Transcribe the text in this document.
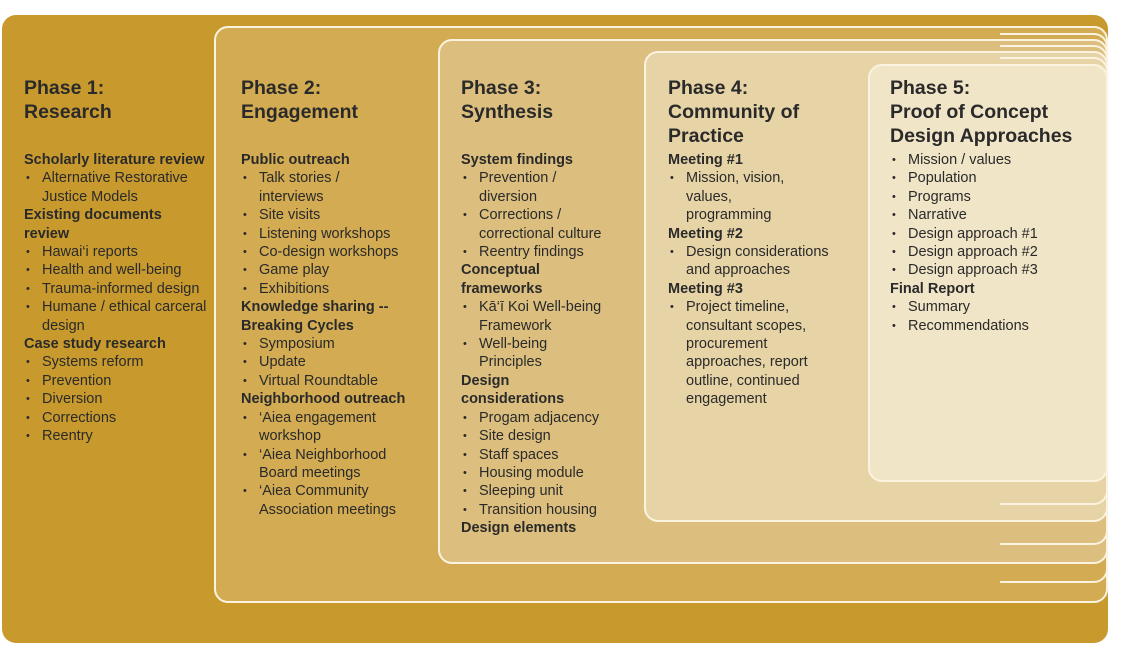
Phase 1:
Research
Scholarly literature review
• Alternative Restorative Justice Models
Existing documents review
• Hawai‘i reports
• Health and well-being
• Trauma-informed design
• Humane / ethical carceral design
Case study research
• Systems reform
• Prevention
• Diversion
• Corrections
• Reentry
Phase 2:
Engagement
Public outreach
• Talk stories / interviews
• Site visits
• Listening workshops
• Co-design workshops
• Game play
• Exhibitions
Knowledge sharing --Breaking Cycles
• Symposium
• Update
• Virtual Roundtable
Neighborhood outreach
• ‘Aiea engagement workshop
• ‘Aiea Neighborhood Board meetings
• ‘Aiea Community Association meetings
Phase 3:
Synthesis
System findings
• Prevention / diversion
• Corrections / correctional culture
• Reentry findings
Conceptual frameworks
• Kā‘ī Koi Well-being Framework
• Well-being Principles
Design considerations
• Progam adjacency
• Site design
• Staff spaces
• Housing module
• Sleeping unit
• Transition housing
Design elements
Phase 4:
Community of Practice
Meeting #1
• Mission, vision, values, programming
Meeting #2
• Design considerations and approaches
Meeting #3
• Project timeline, consultant scopes, procurement approaches, report outline, continued engagement
Phase 5:
Proof of Concept Design Approaches
• Mission / values
• Population
• Programs
• Narrative
• Design approach #1
• Design approach #2
• Design approach #3
Final Report
• Summary
• Recommendations
